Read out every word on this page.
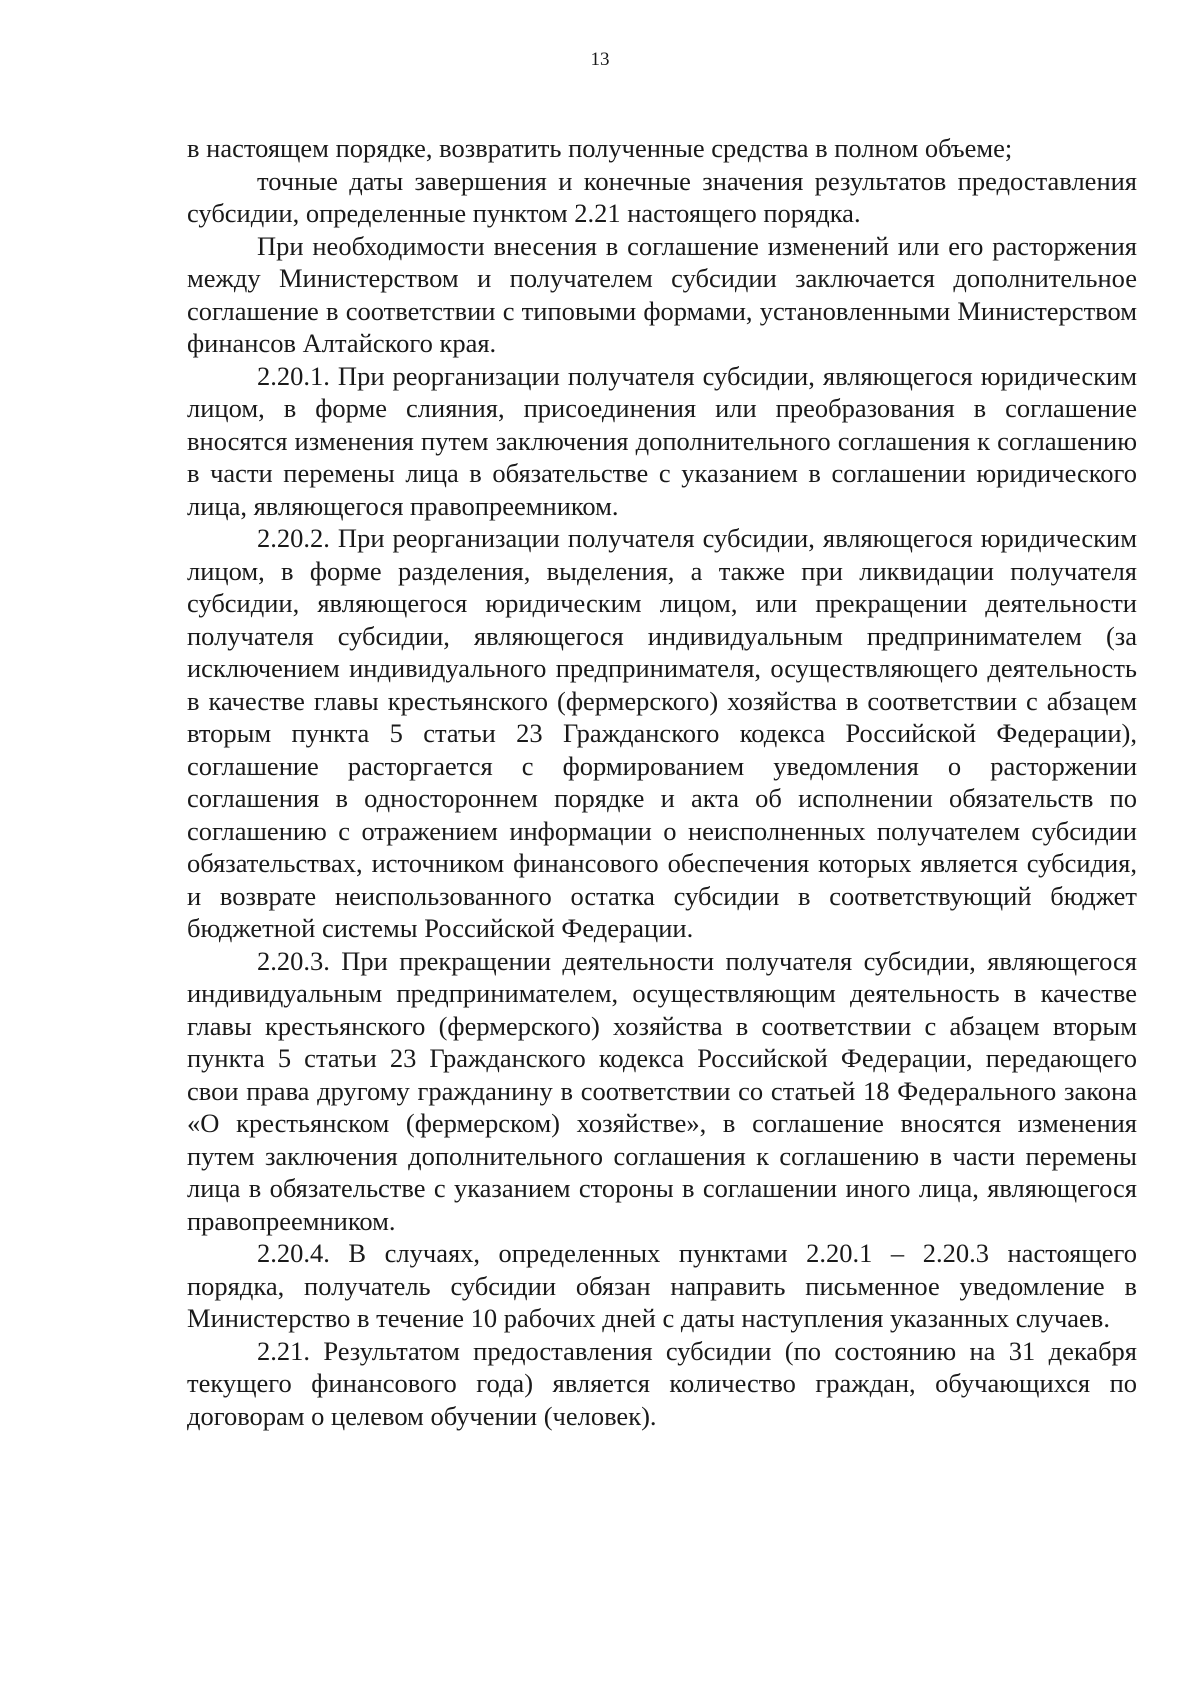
13

в настоящем порядке, возвратить полученные средства в полном объеме;

точные даты завершения и конечные значения результатов предоставления субсидии, определенные пунктом 2.21 настоящего порядка.

При необходимости внесения в соглашение изменений или его расторжения между Министерством и получателем субсидии заключается дополнительное соглашение в соответствии с типовыми формами, установленными Министерством финансов Алтайского края.

2.20.1. При реорганизации получателя субсидии, являющегося юридическим лицом, в форме слияния, присоединения или преобразования в соглашение вносятся изменения путем заключения дополнительного соглашения к соглашению в части перемены лица в обязательстве с указанием в соглашении юридического лица, являющегося правопреемником.

2.20.2. При реорганизации получателя субсидии, являющегося юридическим лицом, в форме разделения, выделения, а также при ликвидации получателя субсидии, являющегося юридическим лицом, или прекращении деятельности получателя субсидии, являющегося индивидуальным предпринимателем (за исключением индивидуального предпринимателя, осуществляющего деятельность в качестве главы крестьянского (фермерского) хозяйства в соответствии с абзацем вторым пункта 5 статьи 23 Гражданского кодекса Российской Федерации), соглашение расторгается с формированием уведомления о расторжении соглашения в одностороннем порядке и акта об исполнении обязательств по соглашению с отражением информации о неисполненных получателем субсидии обязательствах, источником финансового обеспечения которых является субсидия, и возврате неиспользованного остатка субсидии в соответствующий бюджет бюджетной системы Российской Федерации.

2.20.3. При прекращении деятельности получателя субсидии, являющегося индивидуальным предпринимателем, осуществляющим деятельность в качестве главы крестьянского (фермерского) хозяйства в соответствии с абзацем вторым пункта 5 статьи 23 Гражданского кодекса Российской Федерации, передающего свои права другому гражданину в соответствии со статьей 18 Федерального закона «О крестьянском (фермерском) хозяйстве», в соглашение вносятся изменения путем заключения дополнительного соглашения к соглашению в части перемены лица в обязательстве с указанием стороны в соглашении иного лица, являющегося правопреемником.

2.20.4. В случаях, определенных пунктами 2.20.1 – 2.20.3 настоящего порядка, получатель субсидии обязан направить письменное уведомление в Министерство в течение 10 рабочих дней с даты наступления указанных случаев.

2.21. Результатом предоставления субсидии (по состоянию на 31 декабря текущего финансового года) является количество граждан, обучающихся по договорам о целевом обучении (человек).
